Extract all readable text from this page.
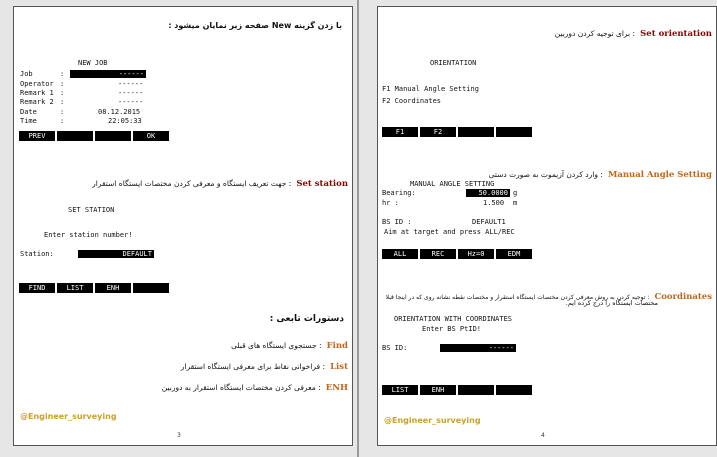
با زدن گزینه New صفحه زیر نمایان میشود :
NEW JOB
Job	:	------
Operator :	------
Remark 1 :	------
Remark 2 :	------
Date	:	08.12.2015
Time	:	22:05:33
PREV	OK
Set station : جهت تعریف ایستگاه و معرفی کردن مختصات ایستگاه استقرار
SET STATION
Enter station number!
Station:	DEFAULT
FIND	LIST	ENH
دستورات تابعی :
Find : جستجوی ایستگاه های قبلی
List : فراخوانی نقاط برای معرفی ایستگاه استقرار
ENH : معرفی کردن مختصات ایستگاه استقرار به دوربین
@Engineer_surveying
3
Set orientation : برای توجیه کردن دوربین
ORIENTATION
F1 Manual Angle Setting
F2 Coordinates
F1	F2
Manual Angle Setting : وارد کردن آزیموت به صورت دستی
MANUAL ANGLE SETTING
Bearing:	50.0000 g
hr :	1.500 m
BS ID :	DEFAULT1
Aim at target and press ALL/REC
ALL	REC	Hz=0	EDM
Coordinates : توجیه کردن به روش معرفی کردن مختصات ایستگاه استقرار و مختصات نقطه نشانه روی که در اینجا قبلا
مختصات ایستگاه را درج کرده ایم.
ORIENTATION WITH COORDINATES
Enter BS PtID!
BS ID:	------
LIST	ENH
@Engineer_surveying
4
